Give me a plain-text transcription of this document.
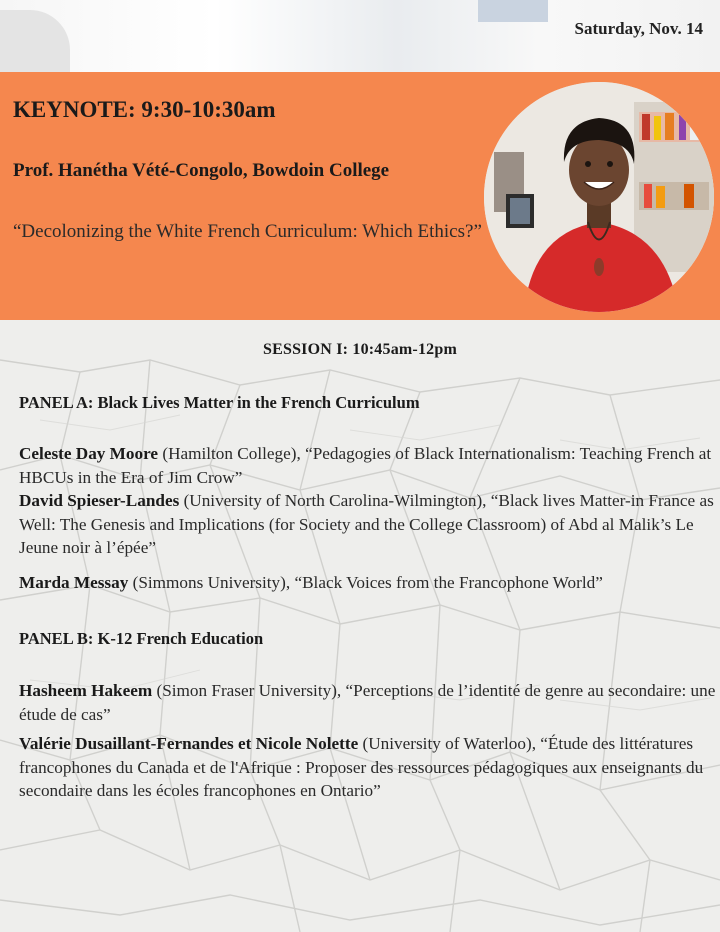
Saturday, Nov. 14
KEYNOTE: 9:30-10:30am
Prof. Hanétha Vété-Congolo, Bowdoin College
“Decolonizing the White French Curriculum: Which Ethics?”
SESSION I: 10:45am-12pm
PANEL A: Black Lives Matter in the French Curriculum
Celeste Day Moore (Hamilton College), “Pedagogies of Black Internationalism: Teaching French at HBCUs in the Era of Jim Crow”
David Spieser-Landes (University of North Carolina-Wilmington), “Black lives Matter-in France as Well: The Genesis and Implications (for Society and the College Classroom) of Abd al Malik’s Le Jeune noir à l’épée”
Marda Messay (Simmons University), “Black Voices from the Francophone World”
PANEL B: K-12 French Education
Hasheem Hakeem (Simon Fraser University), “Perceptions de l’identité de genre au secondaire: une étude de cas”
Valérie Dusaillant-Fernandes et Nicole Nolette (University of Waterloo), “Étude des littératures francophones du Canada et de l'Afrique : Proposer des ressources pédagogiques aux enseignants du secondaire dans les écoles francophones en Ontario”
